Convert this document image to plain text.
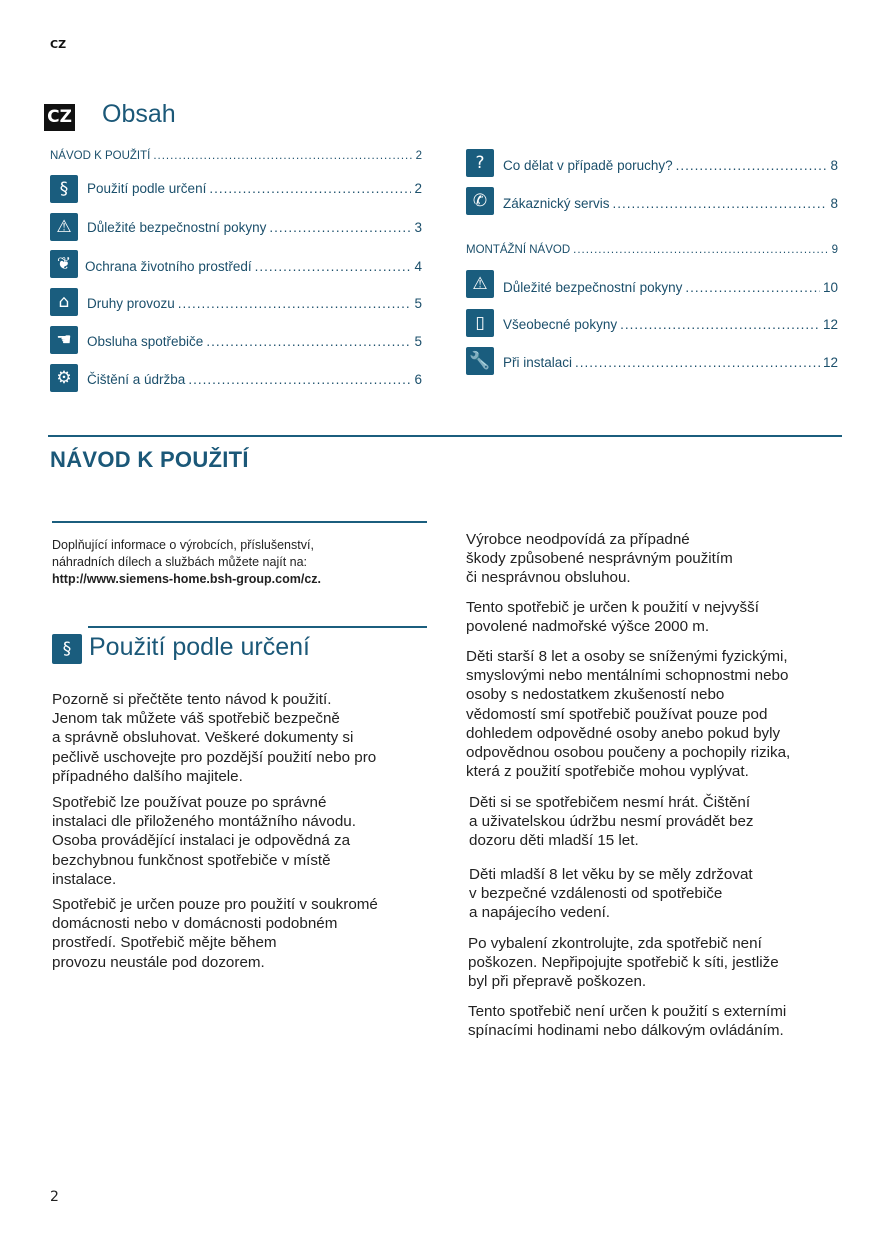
CZ
CZ Obsah
NÁVOD K POUŽITÍ .....	2
§	Použití podle určení .....	2
⚠	Důležité bezpečnostní pokyny .....	3
❦	Ochrana životního prostředí .....	4
⌂	Druhy provozu .....	5
☚	Obsluha spotřebiče .....	5
⚙	Čištění a údržba .....	6
?	Co dělat v případě poruchy? .....	8
✆	Zákaznický servis .....	8
MONTÁŽNÍ NÁVOD .....	9
⚠	Důležité bezpečnostní pokyny .....	10
▯	Všeobecné pokyny .....	12
🔧 Při instalaci .....	12
NÁVOD K POUŽITÍ
Doplňující informace o výrobcích, příslušenství,
náhradních dílech a službách můžete najít na:
http://www.siemens-home.bsh-group.com/cz.
§ Použití podle určení
Pozorně si přečtěte tento návod k použití.
Jenom tak můžete váš spotřebič bezpečně
a správně obsluhovat. Veškeré dokumenty si
pečlivě uschovejte pro pozdější použití nebo pro
případného dalšího majitele.
Spotřebič lze používat pouze po správné
instalaci dle přiloženého montážního návodu.
Osoba provádějící instalaci je odpovědná za
bezchybnou funkčnost spotřebiče v místě
instalace.
Spotřebič je určen pouze pro použití v soukromé
domácnosti nebo v domácnosti podobném
prostředí. Spotřebič mějte během
provozu neustále pod dozorem.
Výrobce neodpovídá za případné
škody způsobené nesprávným použitím
či nesprávnou obsluhou.
Tento spotřebič je určen k použití v nejvyšší
povolené nadmořské výšce 2000 m.
Děti starší 8 let a osoby se sníženými fyzickými,
smyslovými nebo mentálními schopnostmi nebo
osoby s nedostatkem zkušeností nebo
vědomostí smí spotřebič používat pouze pod
dohledem odpovědné osoby anebo pokud byly
odpovědnou osobou poučeny a pochopily rizika,
která z použití spotřebiče mohou vyplývat.
Děti si se spotřebičem nesmí hrát. Čištění
a uživatelskou údržbu nesmí provádět bez
dozoru děti mladší 15 let.
Děti mladší 8 let věku by se měly zdržovat
v bezpečné vzdálenosti od spotřebiče
a napájecího vedení.
Po vybalení zkontrolujte, zda spotřebič není
poškozen. Nepřipojujte spotřebič k síti, jestliže
byl při přepravě poškozen.
Tento spotřebič není určen k použití s externími
spínacími hodinami nebo dálkovým ovládáním.
2
